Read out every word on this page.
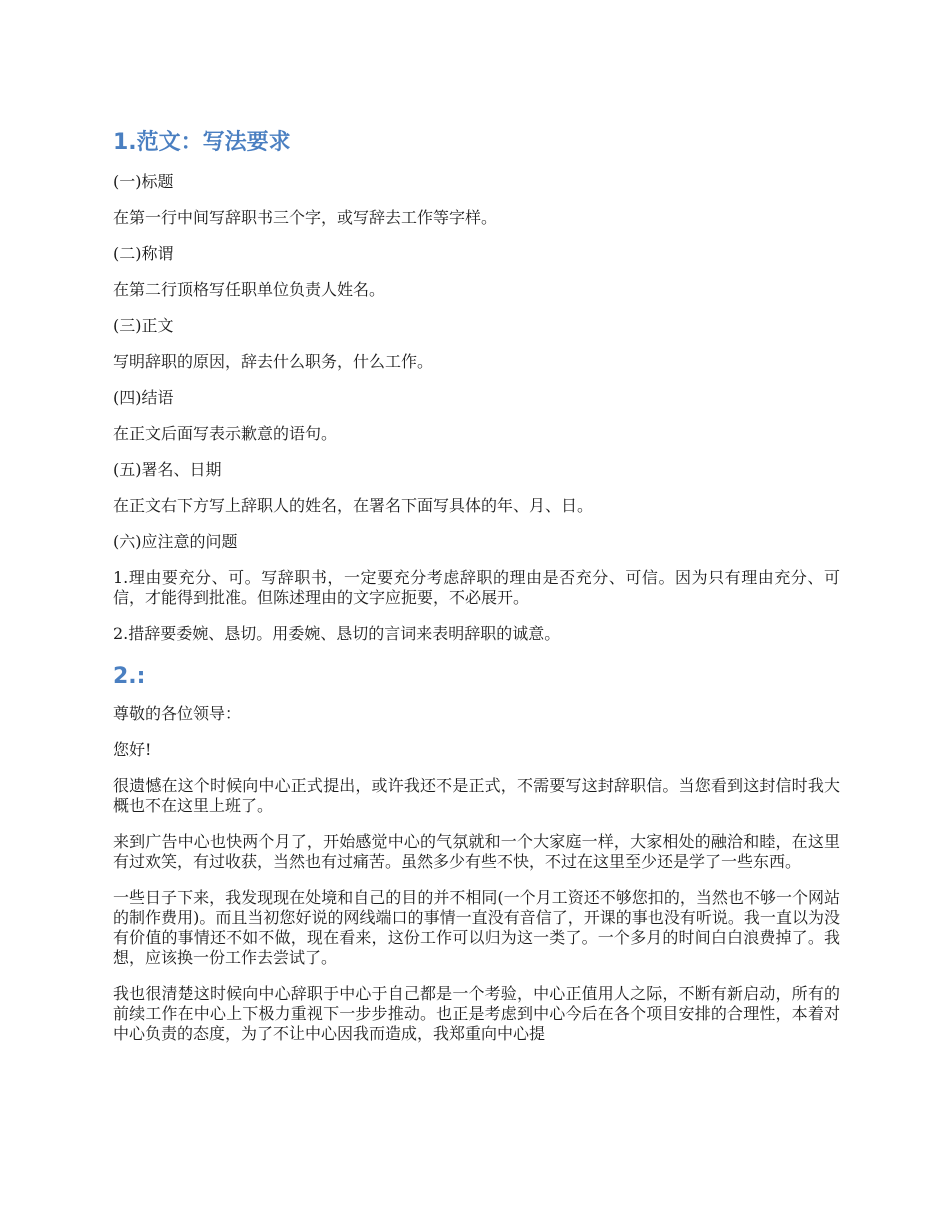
1.范文：写法要求

(一)标题

在第一行中间写辞职书三个字，或写辞去工作等字样。

(二)称谓

在第二行顶格写任职单位负责人姓名。

(三)正文

写明辞职的原因，辞去什么职务，什么工作。

(四)结语

在正文后面写表示歉意的语句。

(五)署名、日期

在正文右下方写上辞职人的姓名，在署名下面写具体的年、月、日。

(六)应注意的问题

1.理由要充分、可。写辞职书，一定要充分考虑辞职的理由是否充分、可信。因为只有理由充分、可信，才能得到批准。但陈述理由的文字应扼要，不必展开。

2.措辞要委婉、恳切。用委婉、恳切的言词来表明辞职的诚意。

2.:

尊敬的各位领导：

您好!

很遗憾在这个时候向中心正式提出，或许我还不是正式，不需要写这封辞职信。当您看到这封信时我大概也不在这里上班了。

来到广告中心也快两个月了，开始感觉中心的气氛就和一个大家庭一样，大家相处的融洽和睦，在这里有过欢笑，有过收获，当然也有过痛苦。虽然多少有些不快，不过在这里至少还是学了一些东西。

一些日子下来，我发现现在处境和自己的目的并不相同(一个月工资还不够您扣的，当然也不够一个网站的制作费用)。而且当初您好说的网线端口的事情一直没有音信了，开课的事也没有听说。我一直以为没有价值的事情还不如不做，现在看来，这份工作可以归为这一类了。一个多月的时间白白浪费掉了。我想，应该换一份工作去尝试了。

我也很清楚这时候向中心辞职于中心于自己都是一个考验，中心正值用人之际，不断有新启动，所有的前续工作在中心上下极力重视下一步步推动。也正是考虑到中心今后在各个项目安排的合理性，本着对中心负责的态度，为了不让中心因我而造成，我郑重向中心提
